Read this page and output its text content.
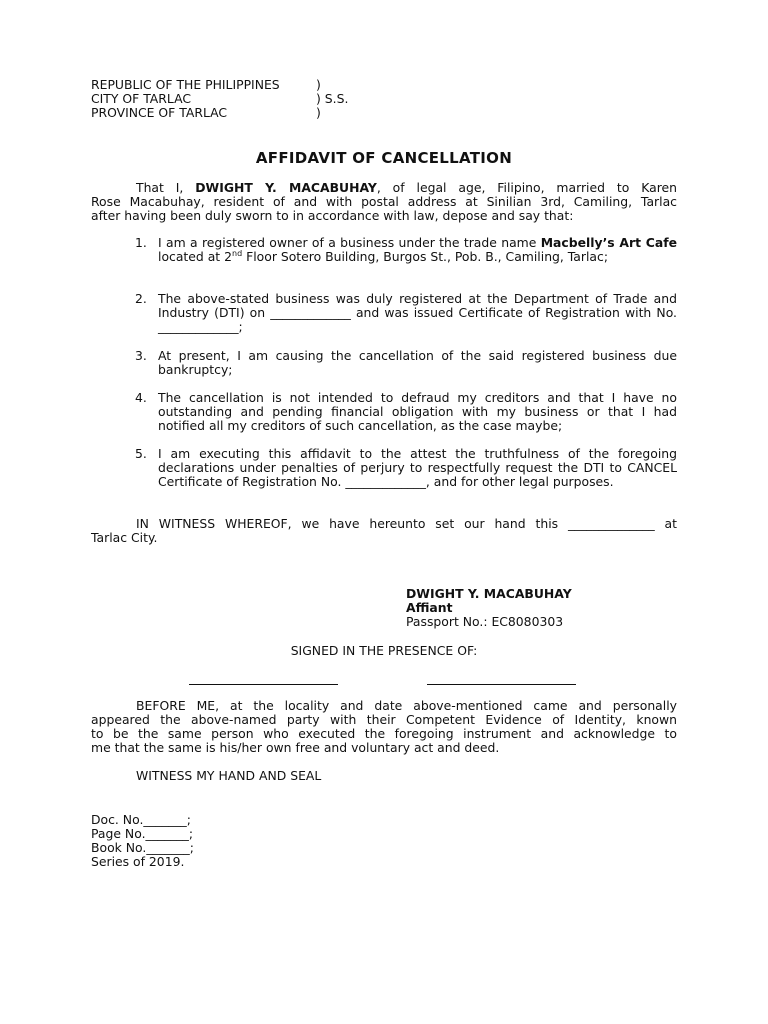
REPUBLIC OF THE PHILIPPINES	)
CITY OF TARLAC	) S.S.
PROVINCE OF TARLAC	)
AFFIDAVIT OF CANCELLATION
That I, DWIGHT Y. MACABUHAY, of legal age, Filipino, married to Karen
Rose Macabuhay, resident of and with postal address at Sinilian 3rd, Camiling, Tarlac
after having been duly sworn to in accordance with law, depose and say that:
1. I am a registered owner of a business under the trade name Macbelly’s Art Cafe located at 2nd Floor Sotero Building, Burgos St., Pob. B., Camiling, Tarlac;
2. The above-stated business was duly registered at the Department of Trade and Industry (DTI) on _____________ and was issued Certificate of Registration with No. _____________;
3. At present, I am causing the cancellation of the said registered business due bankruptcy;
4. The cancellation is not intended to defraud my creditors and that I have no outstanding and pending financial obligation with my business or that I had notified all my creditors of such cancellation, as the case maybe;
5. I am executing this affidavit to the attest the truthfulness of the foregoing declarations under penalties of perjury to respectfully request the DTI to CANCEL Certificate of Registration No. _____________, and for other legal purposes.
IN WITNESS WHEREOF, we have hereunto set our hand this ______________ at
Tarlac City.
DWIGHT Y. MACABUHAY
Affiant
Passport No.: EC8080303
SIGNED IN THE PRESENCE OF:
BEFORE ME, at the locality and date above-mentioned came and personally
appeared the above-named party with their Competent Evidence of Identity, known
to be the same person who executed the foregoing instrument and acknowledge to
me that the same is his/her own free and voluntary act and deed.
WITNESS MY HAND AND SEAL
Doc. No._______;
Page No._______;
Book No._______;
Series of 2019.
